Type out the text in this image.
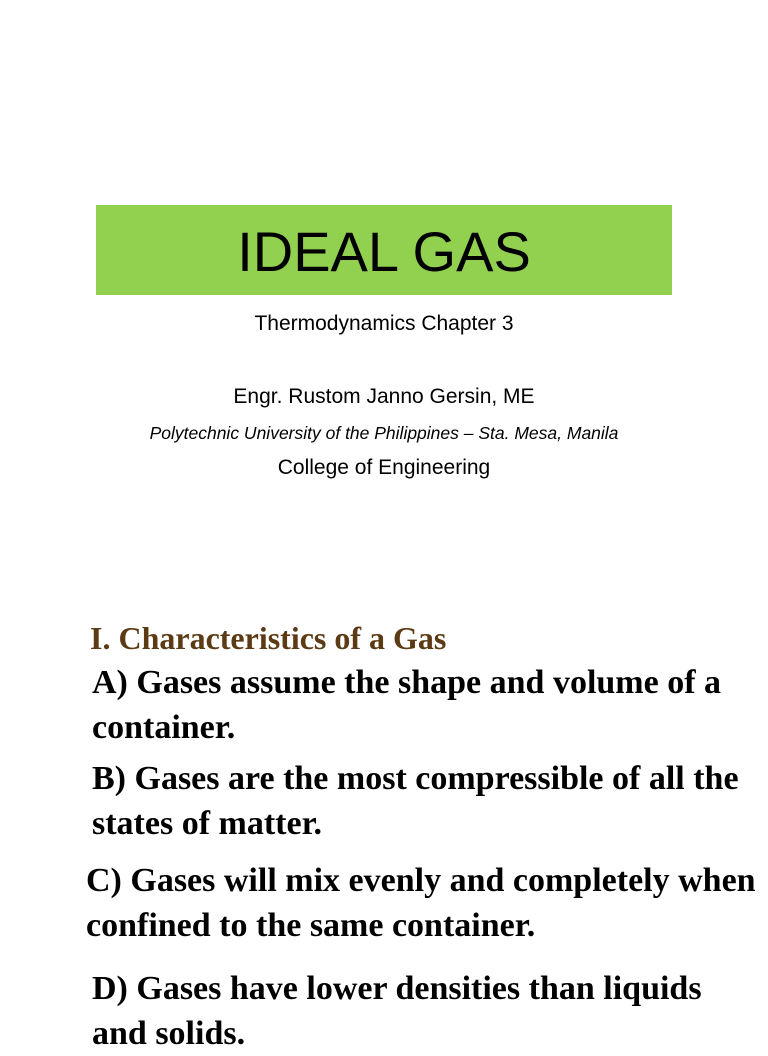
IDEAL GAS
Thermodynamics Chapter 3
Engr. Rustom Janno Gersin, ME
Polytechnic University of the Philippines – Sta. Mesa, Manila
College of Engineering
I. Characteristics of a Gas

A) Gases assume the shape and volume of a container.

B) Gases are the most compressible of all the states of matter.

C) Gases will mix evenly and completely when confined to the same container.

D) Gases have lower densities than liquids and solids.
